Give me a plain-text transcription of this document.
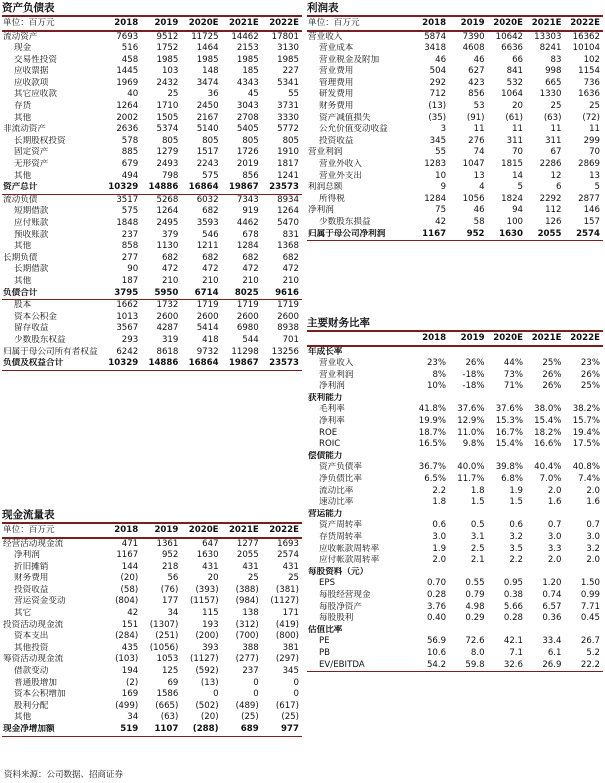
资产负债表
单位：百万元	2018	2019	2020E	2021E	2022E
流动资产	7693	9512	11725	14462	17801
现金	516	1752	1464	2153	3130
交易性投资	458	1985	1985	1985	1985
应收票据	1445	103	148	185	227
应收款项	1969	2432	3474	4343	5341
其它应收款	40	25	36	45	55
存货	1264	1710	2450	3043	3731
其他	2002	1505	2167	2708	3330
非流动资产	2636	5374	5140	5405	5772
长期股权投资	578	805	805	805	805
固定资产	885	1279	1517	1726	1910
无形资产	679	2493	2243	2019	1817
其他	494	798	575	856	1241
资产总计	10329	14886	16864	19867	23573
流动负债	3517	5268	6032	7343	8934
短期借款	575	1264	682	919	1264
应付账款	1848	2495	3593	4462	5470
预收账款	237	379	546	678	831
其他	858	1130	1211	1284	1368
长期负债	277	682	682	682	682
长期借款	90	472	472	472	472
其他	187	210	210	210	210
负债合计	3795	5950	6714	8025	9616
股本	1662	1732	1719	1719	1719
资本公积金	1013	2600	2600	2600	2600
留存收益	3567	4287	5414	6980	8938
少数股东权益	293	319	418	544	701
归属于母公司所有者权益	6242	8618	9732	11298	13256
负债及权益合计	10329	14886	16864	19867	23573
现金流量表
单位：百万元	2018	2019	2020E	2021E	2022E
经营活动现金流	471	1361	647	1277	1693
净利润	1167	952	1630	2055	2574
折旧摊销	144	218	431	431	431
财务费用	(20)	56	20	25	25
投资收益	(58)	(76)	(393)	(388)	(381)
营运资金变动	(804)	177	(1157)	(984)	(1127)
其它	42	34	115	138	171
投资活动现金流	151	(1307)	193	(312)	(419)
资本支出	(284)	(251)	(200)	(700)	(800)
其他投资	435	(1056)	393	388	381
筹资活动现金流	(103)	1053	(1127)	(277)	(297)
借款变动	194	125	(592)	237	345
普通股增加	(2)	69	(13)	0	0
资本公积增加	169	1586	0	0	0
股利分配	(499)	(665)	(502)	(489)	(617)
其他	34	(63)	(20)	(25)	(25)
现金净增加额	519	1107	(288)	689	977
利润表
单位：百万元	2018	2019	2020E	2021E	2022E
营业收入	5874	7390	10642	13303	16362
营业成本	3418	4608	6636	8241	10104
营业税金及附加	46	46	66	83	102
营业费用	504	627	841	998	1154
管理费用	292	423	532	665	736
研发费用	712	856	1064	1330	1636
财务费用	(13)	53	20	25	25
资产减值损失	(35)	(91)	(61)	(63)	(72)
公允价值变动收益	3	11	11	11	11
投资收益	345	276	311	311	299
营业利润	55	74	70	67	70
营业外收入	1283	1047	1815	2286	2869
营业外支出	10	13	14	12	13
利润总额	9	4	5	6	5
所得税	1284	1056	1824	2292	2877
净利润	75	46	94	112	146
少数股东损益	42	58	100	126	157
归属于母公司净利润	1167	952	1630	2055	2574
主要财务比率
	2018	2019	2020E	2021E	2022E
年成长率					
营业收入	23%	26%	44%	25%	23%
营业利润	8%	-18%	73%	26%	26%
净利润	10%	-18%	71%	26%	25%
获利能力					
毛利率	41.8%	37.6%	37.6%	38.0%	38.2%
净利率	19.9%	12.9%	15.3%	15.4%	15.7%
ROE	18.7%	11.0%	16.7%	18.2%	19.4%
ROIC	16.5%	9.8%	15.4%	16.6%	17.5%
偿债能力					
资产负债率	36.7%	40.0%	39.8%	40.4%	40.8%
净负债比率	6.5%	11.7%	6.8%	7.0%	7.4%
流动比率	2.2	1.8	1.9	2.0	2.0
速动比率	1.8	1.5	1.5	1.6	1.6
营运能力					
资产周转率	0.6	0.5	0.6	0.7	0.7
存货周转率	3.0	3.1	3.2	3.0	3.0
应收帐款周转率	1.9	2.5	3.5	3.3	3.2
应付帐款周转率	2.0	2.1	2.2	2.0	2.0
每股资料（元）					
EPS	0.70	0.55	0.95	1.20	1.50
每股经营现金	0.28	0.79	0.38	0.74	0.99
每股净资产	3.76	4.98	5.66	6.57	7.71
每股股利	0.40	0.29	0.28	0.36	0.45
估值比率					
PE	56.9	72.6	42.1	33.4	26.7
PB	10.6	8.0	7.1	6.1	5.2
EV/EBITDA	54.2	59.8	32.6	26.9	22.2
资料来源：公司数据、招商证券
